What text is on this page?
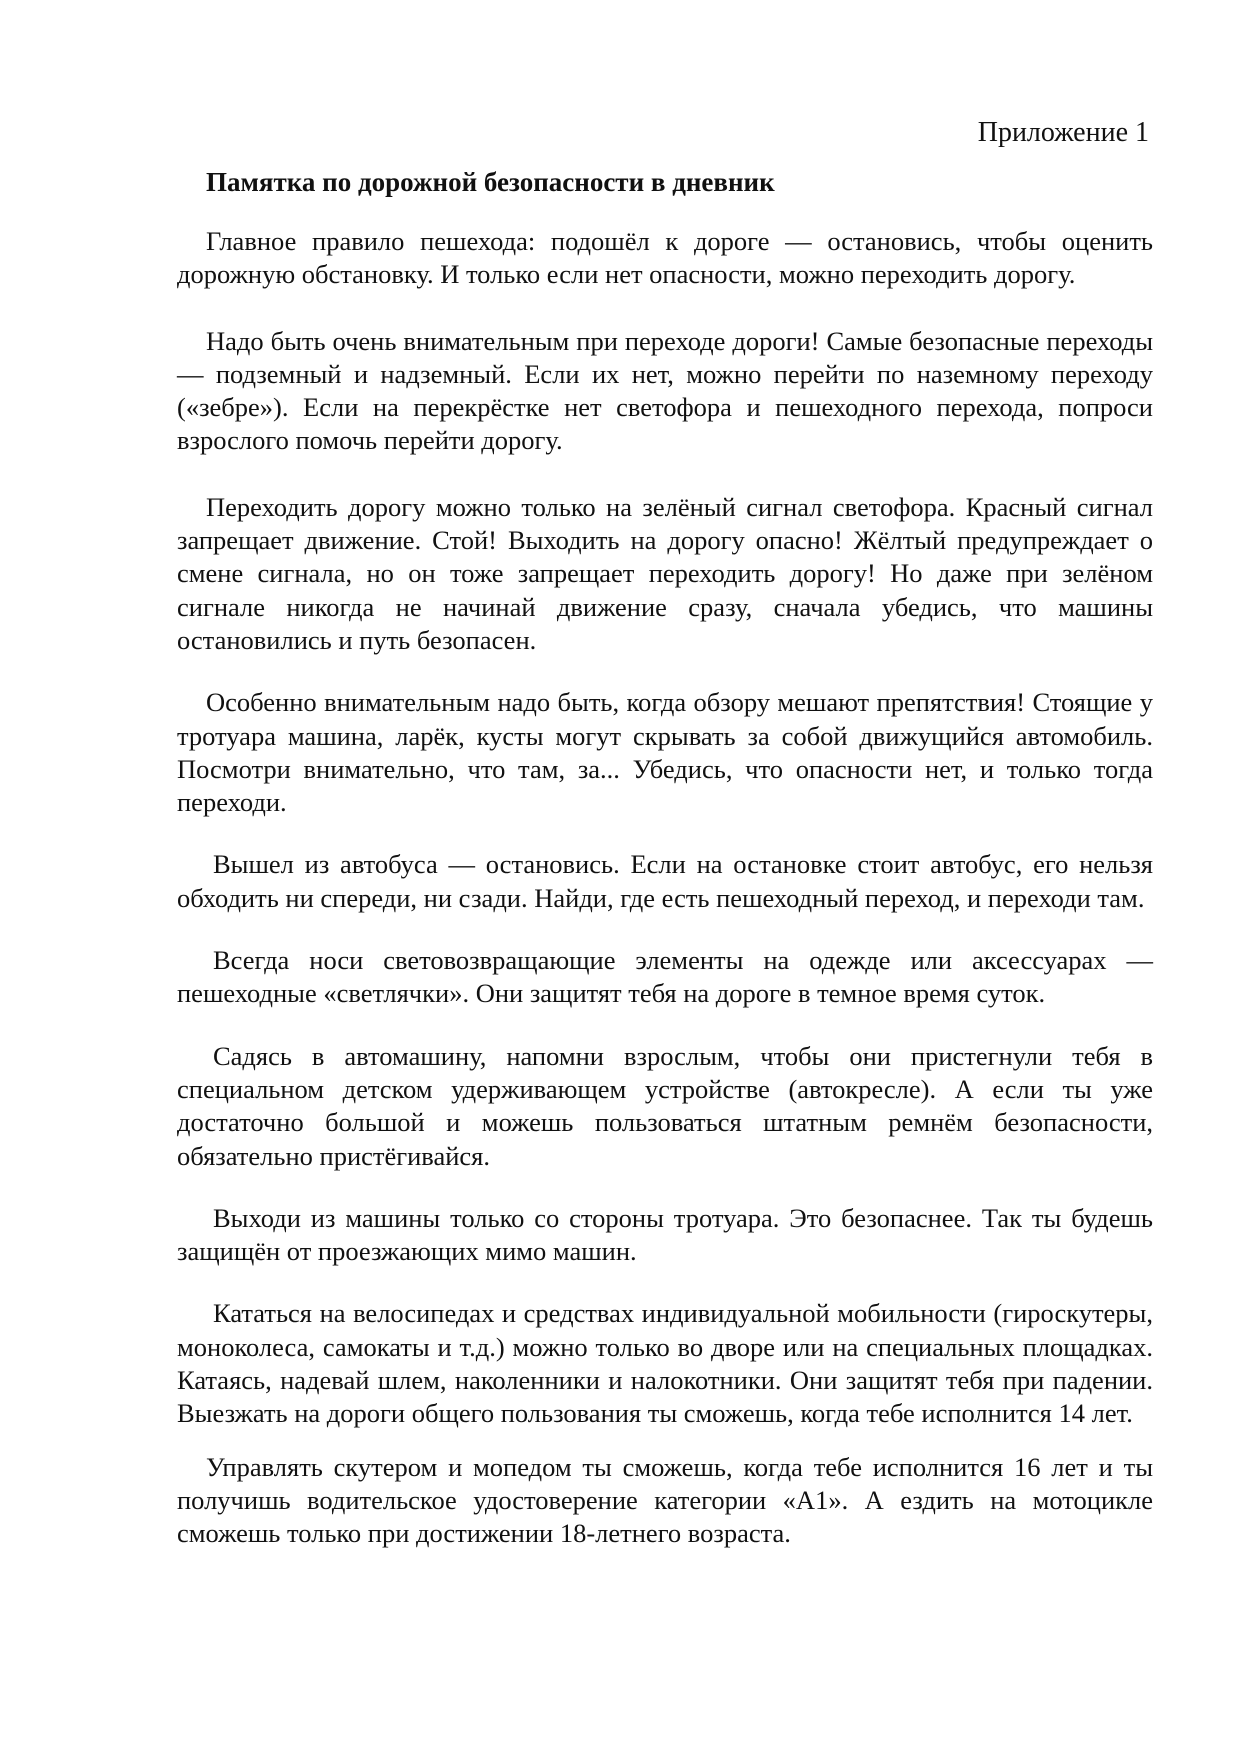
Приложение 1
Памятка по дорожной безопасности в дневник

Главное правило пешехода: подошёл к дороге — остановись, чтобы оценить дорожную обстановку. И только если нет опасности, можно переходить дорогу.

Надо быть очень внимательным при переходе дороги! Самые безопасные переходы — подземный и надземный. Если их нет, можно перейти по наземному переходу («зебре»). Если на перекрёстке нет светофора и пешеходного перехода, попроси взрослого помочь перейти дорогу.

Переходить дорогу можно только на зелёный сигнал светофора. Красный сигнал запрещает движение. Стой! Выходить на дорогу опасно! Жёлтый предупреждает о смене сигнала, но он тоже запрещает переходить дорогу! Но даже при зелёном сигнале никогда не начинай движение сразу, сначала убедись, что машины остановились и путь безопасен.

Особенно внимательным надо быть, когда обзору мешают препятствия! Стоящие у тротуара машина, ларёк, кусты могут скрывать за собой движущийся автомобиль. Посмотри внимательно, что там, за... Убедись, что опасности нет, и только тогда переходи.

Вышел из автобуса — остановись. Если на остановке стоит автобус, его нельзя обходить ни спереди, ни сзади. Найди, где есть пешеходный переход, и переходи там.

Всегда носи световозвращающие элементы на одежде или аксессуарах — пешеходные «светлячки». Они защитят тебя на дороге в темное время суток.

Садясь в автомашину, напомни взрослым, чтобы они пристегнули тебя в специальном детском удерживающем устройстве (автокресле). А если ты уже достаточно большой и можешь пользоваться штатным ремнём безопасности, обязательно пристёгивайся.

Выходи из машины только со стороны тротуара. Это безопаснее. Так ты будешь защищён от проезжающих мимо машин.

Кататься на велосипедах и средствах индивидуальной мобильности (гироскутеры, моноколеса, самокаты и т.д.) можно только во дворе или на специальных площадках. Катаясь, надевай шлем, наколенники и налокотники. Они защитят тебя при падении. Выезжать на дороги общего пользования ты сможешь, когда тебе исполнится 14 лет.

Управлять скутером и мопедом ты сможешь, когда тебе исполнится 16 лет и ты получишь водительское удостоверение категории «А1». А ездить на мотоцикле сможешь только при достижении 18-летнего возраста.
